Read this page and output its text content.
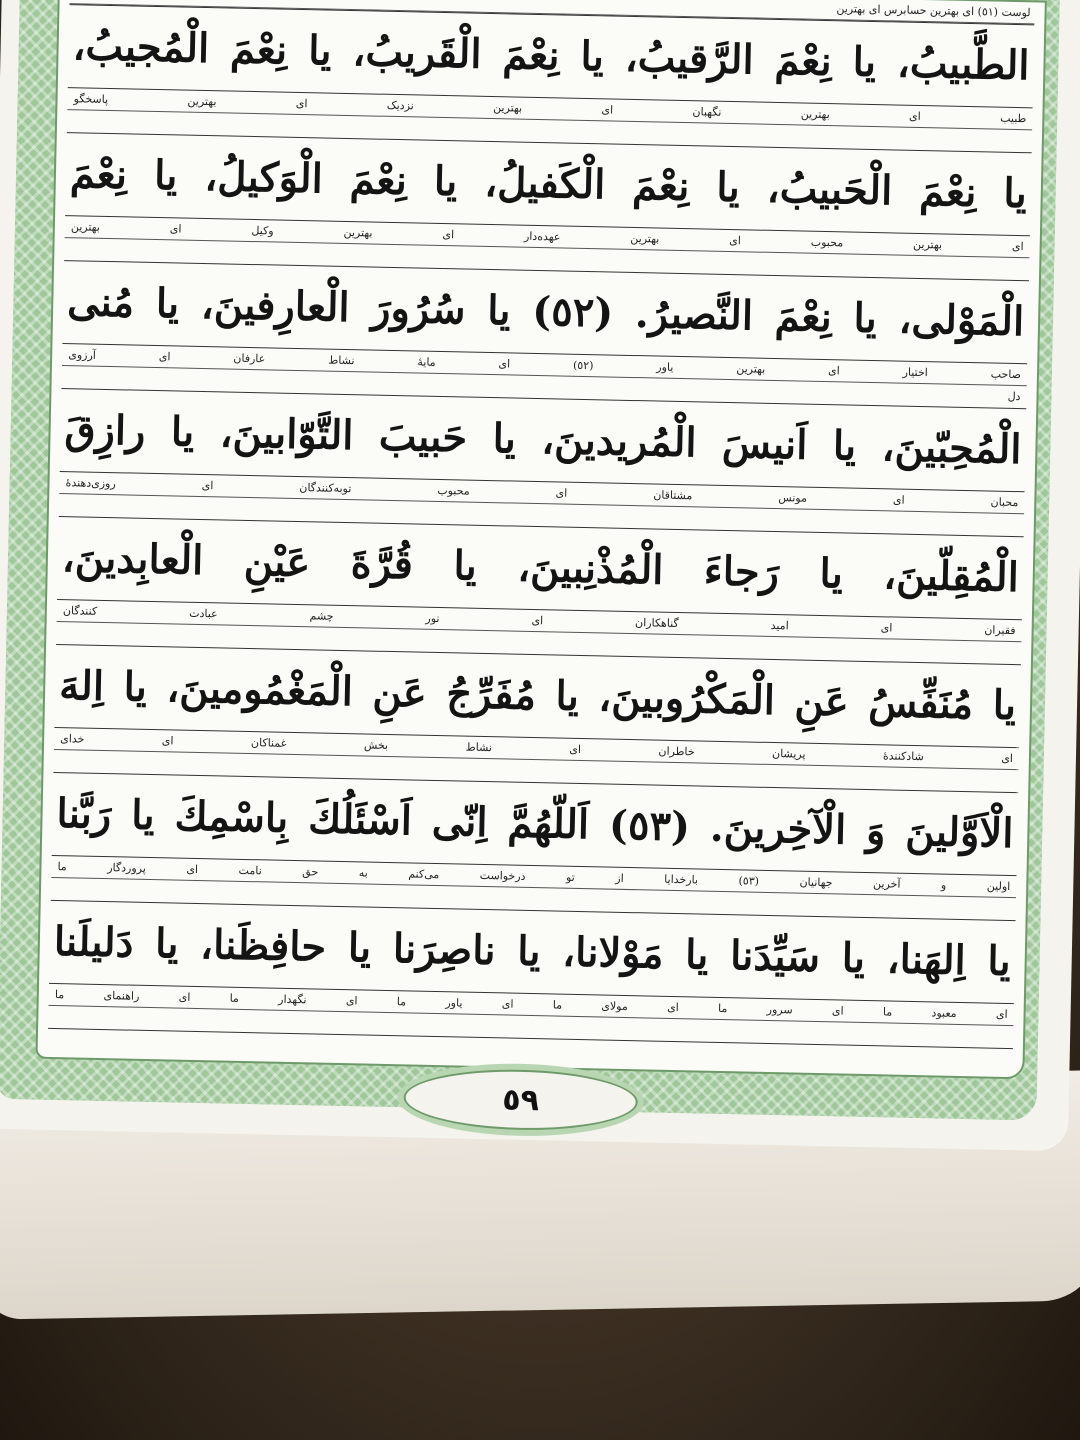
لوست (٥١) ای بهترین حسابرس ای بهترین
الطَّبيبُ، يا نِعْمَ الرَّقيبُ، يا نِعْمَ الْقَريبُ، يا نِعْمَ الْمُجيبُ،
طبیب
ای
بهترین
نگهبان
ای
بهترین
نزدیک
ای
بهترین
پاسخگو
يا نِعْمَ الْحَبيبُ، يا نِعْمَ الْكَفيلُ، يا نِعْمَ الْوَكيلُ، يا نِعْمَ
ای
بهترین
محبوب
ای
بهترین
عهده‌دار
ای
بهترین
وکیل
ای
بهترین
الْمَوْلى، يا نِعْمَ النَّصيرُ. (٥٢) يا سُرُورَ الْعارِفينَ، يا مُنى
صاحب
اختیار
ای
بهترین
یاور
(٥٢)
ای
مایهٔ
نشاط
عارفان
ای
آرزوی
دل
الْمُحِبّينَ، يا اَنيسَ الْمُريدينَ، يا حَبيبَ التَّوّابينَ، يا رازِقَ
محبان
ای
مونس
مشتاقان
ای
محبوب
توبه‌کنندگان
ای
روزی‌دهندهٔ
الْمُقِلّينَ، يا رَجاءَ الْمُذْنِبينَ، يا قُرَّةَ عَيْنِ الْعابِدينَ،
فقیران
ای
امید
گناهکاران
ای
نور
چشم
عبادت
کنندگان
يا مُنَفِّسُ عَنِ الْمَكْرُوبينَ، يا مُفَرِّجُ عَنِ الْمَغْمُومينَ، يا اِلهَ
ای
شادکنندهٔ
پریشان
خاطران
ای
نشاط
بخش
غمناکان
ای
خدای
الْاَوَّلينَ وَ الْآخِرينَ. (٥٣) اَللّهُمَّ اِنّى اَسْئَلُكَ بِاسْمِكَ يا رَبَّنا
اولین
و
آخرین
جهانیان
(٥٣)
بارخدایا
از
تو
درخواست
می‌کنم
به
حق
نامت
ای
پروردگار
ما
يا اِلهَنا، يا سَيِّدَنا يا مَوْلانا، يا ناصِرَنا يا حافِظَنا، يا دَليلَنا
ای
معبود
ما
ای
سرور
ما
ای
مولای
ما
ای
یاور
ما
ای
نگهدار
ما
ای
راهنمای
ما
٥٩
